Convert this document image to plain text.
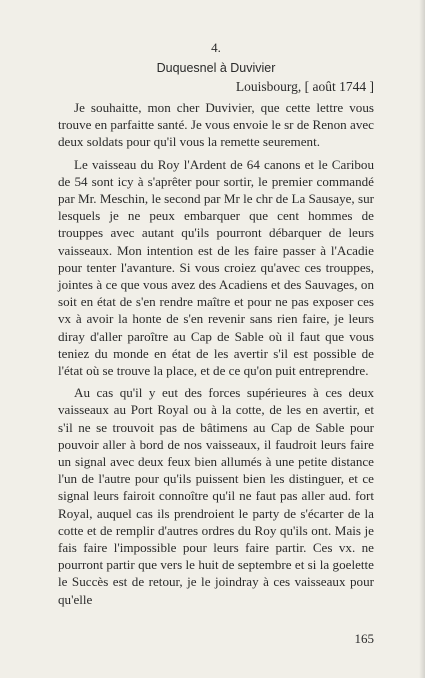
4.
Duquesnel à Duvivier
Louisbourg, [ août 1744 ]

Je souhaitte, mon cher Duvivier, que cette lettre vous trouve en parfaitte santé. Je vous envoie le sr de Renon avec deux soldats pour qu'il vous la remette seurement.

Le vaisseau du Roy l'Ardent de 64 canons et le Caribou de 54 sont icy à s'aprêter pour sortir, le premier commandé par Mr. Meschin, le second par Mr le chr de La Sausaye, sur lesquels je ne peux embarquer que cent hommes de trouppes avec autant qu'ils pourront débarquer de leurs vaisseaux. Mon intention est de les faire passer à l'Acadie pour tenter l'avanture. Si vous croiez qu'avec ces trouppes, jointes à ce que vous avez des Acadiens et des Sauvages, on soit en état de s'en rendre maître et pour ne pas exposer ces vx à avoir la honte de s'en revenir sans rien faire, je leurs diray d'aller paroître au Cap de Sable où il faut que vous teniez du monde en état de les avertir s'il est possible de l'état où se trouve la place, et de ce qu'on puit entreprendre.

Au cas qu'il y eut des forces supérieures à ces deux vaisseaux au Port Royal ou à la cotte, de les en avertir, et s'il ne se trouvoit pas de bâtimens au Cap de Sable pour pouvoir aller à bord de nos vaisseaux, il faudroit leurs faire un signal avec deux feux bien allumés à une petite distance l'un de l'autre pour qu'ils puissent bien les distinguer, et ce signal leurs fairoit connoître qu'il ne faut pas aller aud. fort Royal, auquel cas ils prendroient le party de s'écarter de la cotte et de remplir d'autres ordres du Roy qu'ils ont. Mais je fais faire l'impossible pour leurs faire partir. Ces vx. ne pourront partir que vers le huit de septembre et si la goelette le Succès est de retour, je le joindray à ces vaisseaux pour qu'elle

165
